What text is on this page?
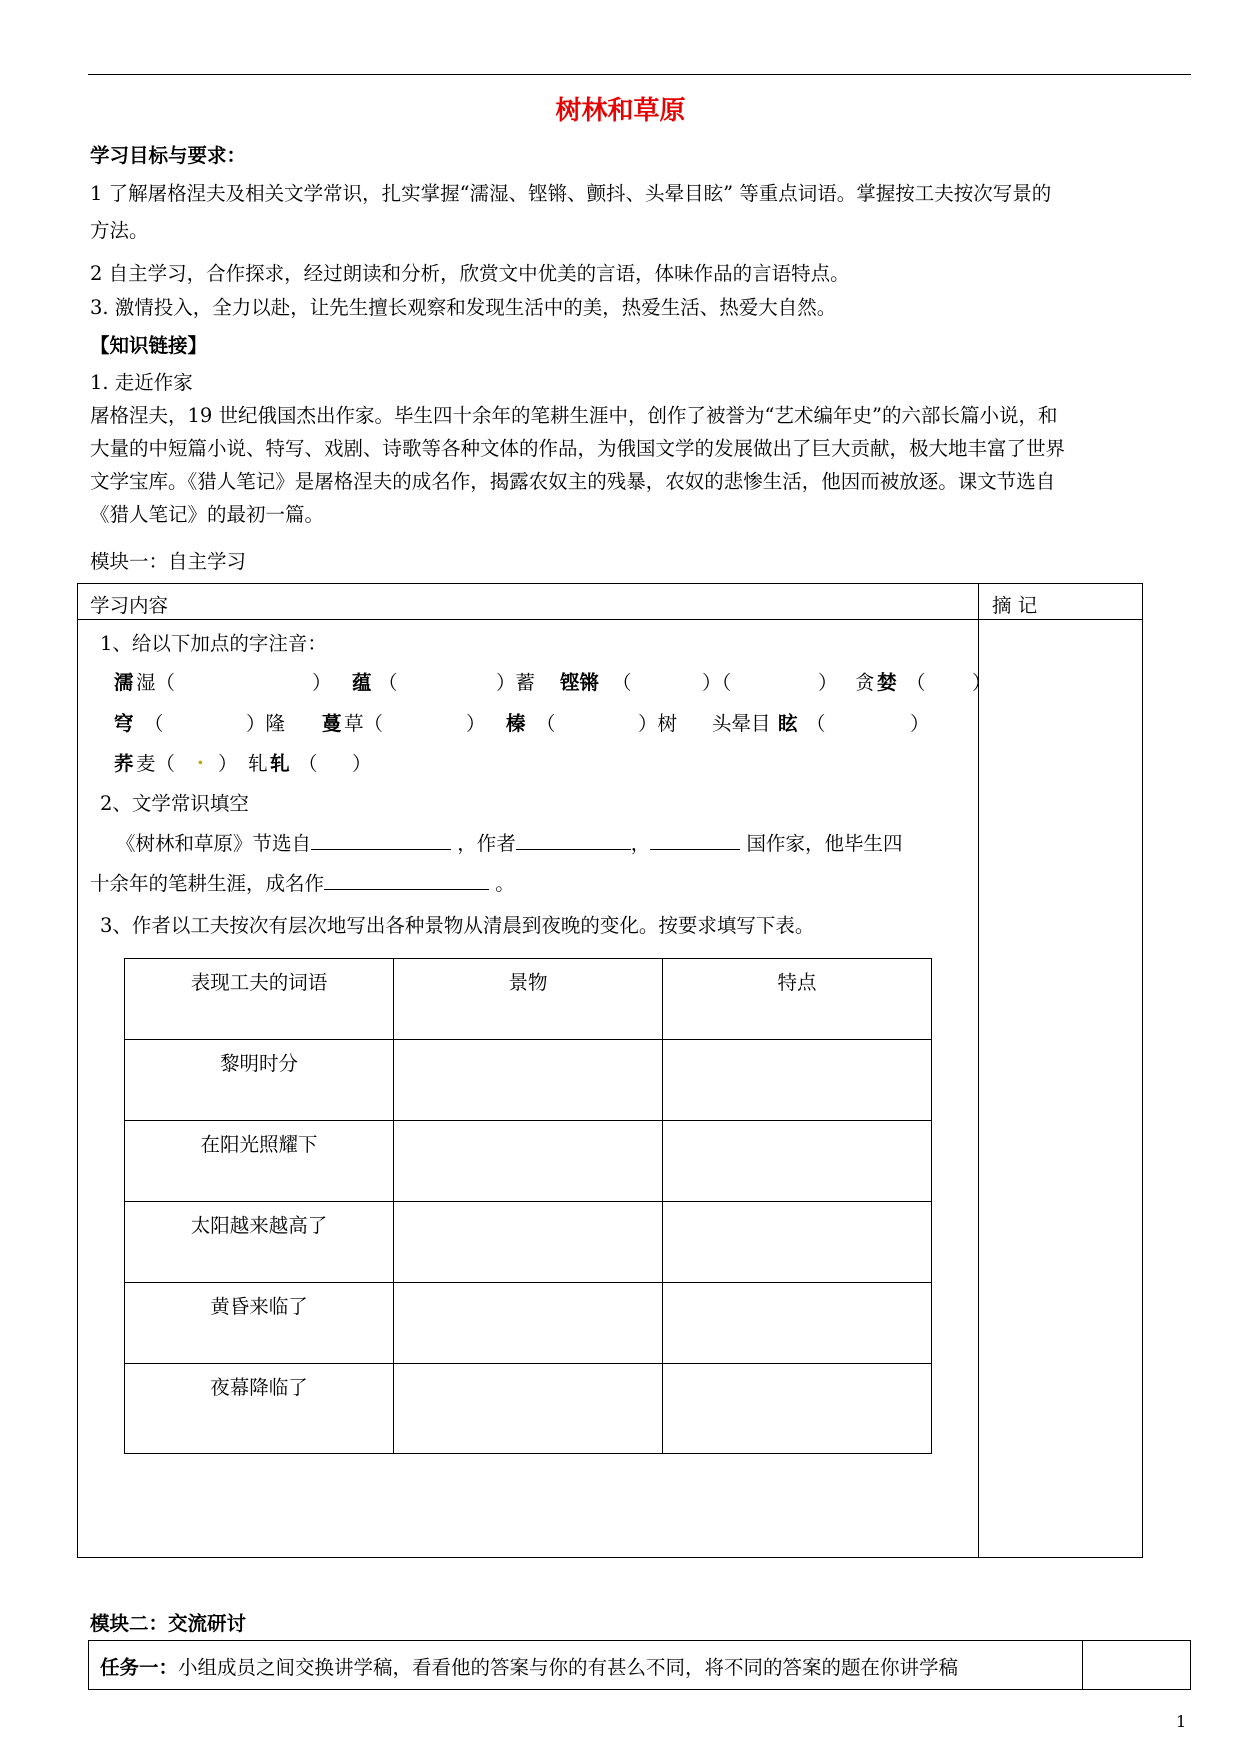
树林和草原
学习目标与要求：
1 了解屠格涅夫及相关文学常识，扎实掌握“濡湿、铿锵、颤抖、头晕目眩” 等重点词语。掌握按工夫按次写景的
方法。
2 自主学习，合作探求，经过朗读和分析，欣赏文中优美的言语，体味作品的言语特点。
3. 激情投入，全力以赴，让先生擅长观察和发现生活中的美，热爱生活、热爱大自然。
【知识链接】
1. 走近作家
屠格涅夫，19 世纪俄国杰出作家。毕生四十余年的笔耕生涯中，创作了被誉为“艺术编年史”的六部长篇小说，和
大量的中短篇小说、特写、戏剧、诗歌等各种文体的作品，为俄国文学的发展做出了巨大贡献，极大地丰富了世界
文学宝库。《猎人笔记》是屠格涅夫的成名作，揭露农奴主的残暴，农奴的悲惨生活，他因而被放逐。课文节选自
《猎人笔记》的最初一篇。
模块一：自主学习
学习内容	摘 记
1、给以下加点的字注音：
濡 湿（	） 蕴 （	）蓄 铿锵 （	）（	） 贪 婪 （ ）
穹 （	）隆 蔓 草（	） 榛 （	）树 头晕目 眩 （	）
荞 麦（ . ） 轧 轧 （ ）
2、文学常识填空
《树林和草原》节选自	，作者	，	国作家，他毕生四
十余年的笔耕生涯，成名作	。
3、作者以工夫按次有层次地写出各种景物从清晨到夜晚的变化。按要求填写下表。
表现工夫的词语	景物	特点
黎明时分		
在阳光照耀下		
太阳越来越高了		
黄昏来临了		
夜幕降临了		
模块二：交流研讨
任务一：小组成员之间交换讲学稿，看看他的答案与你的有甚么不同，将不同的答案的题在你讲学稿
1
